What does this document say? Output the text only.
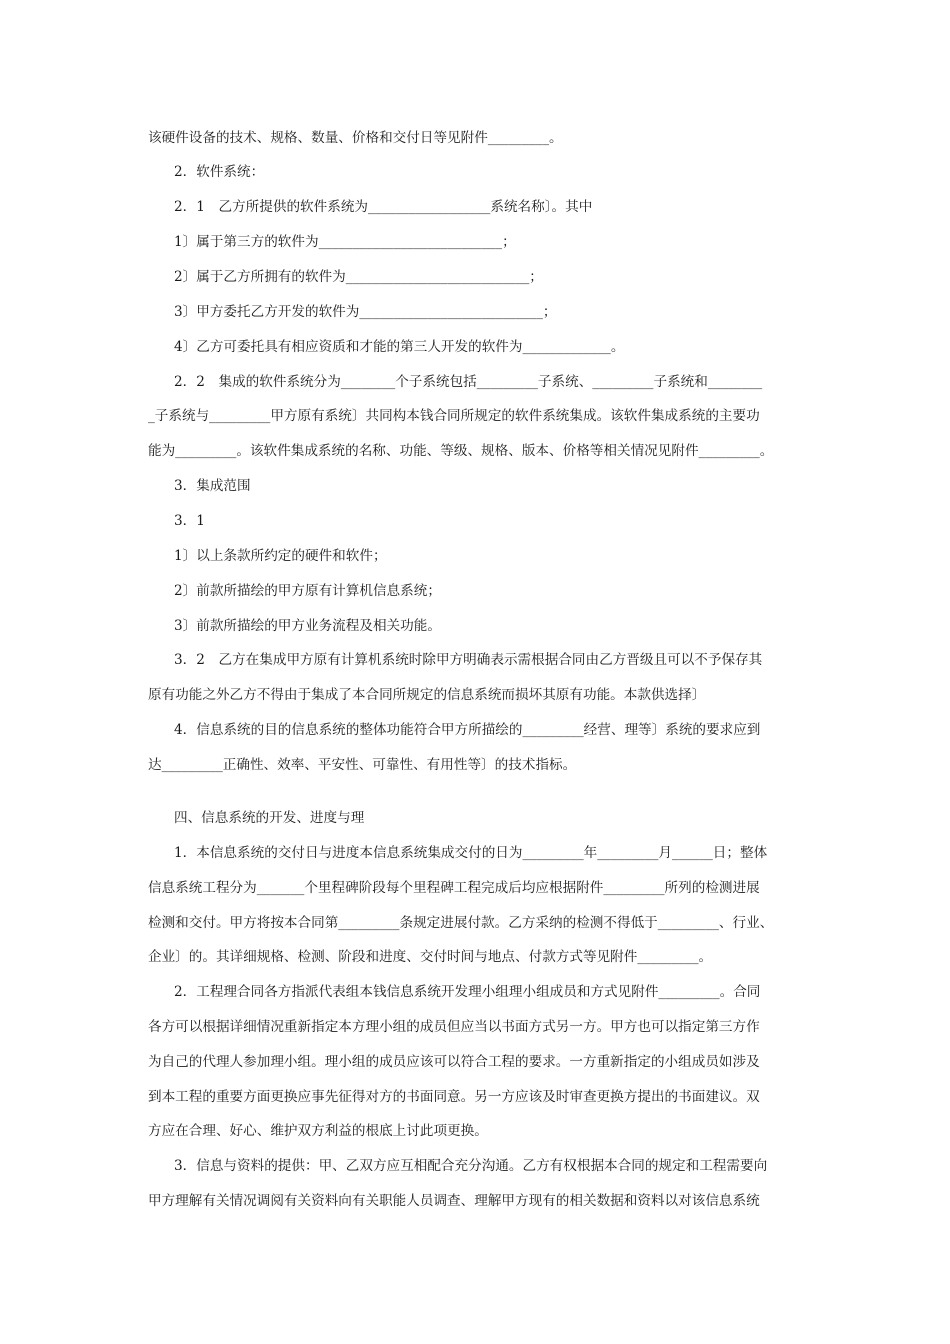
该硬件设备的技术、规格、数量、价格和交付日等见附件_________。
2．软件系统：
2．1　乙方所提供的软件系统为__________________系统名称〕。其中
1〕属于第三方的软件为___________________________；
2〕属于乙方所拥有的软件为___________________________；
3〕甲方委托乙方开发的软件为___________________________；
4〕乙方可委托具有相应资质和才能的第三人开发的软件为_____________。
2．2　集成的软件系统分为________个子系统包括_________子系统、_________子系统和________
_子系统与_________甲方原有系统〕共同构本钱合同所规定的软件系统集成。该软件集成系统的主要功
能为_________。该软件集成系统的名称、功能、等级、规格、版本、价格等相关情况见附件_________。
3．集成范围
3．1
1〕以上条款所约定的硬件和软件；
2〕前款所描绘的甲方原有计算机信息系统；
3〕前款所描绘的甲方业务流程及相关功能。
3．2　乙方在集成甲方原有计算机系统时除甲方明确表示需根据合同由乙方晋级且可以不予保存其
原有功能之外乙方不得由于集成了本合同所规定的信息系统而损坏其原有功能。本款供选择〕
4．信息系统的目的信息系统的整体功能符合甲方所描绘的_________经营、理等〕系统的要求应到
达_________正确性、效率、平安性、可靠性、有用性等〕的技术指标。
四、信息系统的开发、进度与理
1．本信息系统的交付日与进度本信息系统集成交付的日为_________年_________月______日；整体
信息系统工程分为_______个里程碑阶段每个里程碑工程完成后均应根据附件_________所列的检测进展
检测和交付。甲方将按本合同第_________条规定进展付款。乙方采纳的检测不得低于_________、行业、
企业〕的。其详细规格、检测、阶段和进度、交付时间与地点、付款方式等见附件_________。
2．工程理合同各方指派代表组本钱信息系统开发理小组理小组成员和方式见附件_________。合同
各方可以根据详细情况重新指定本方理小组的成员但应当以书面方式另一方。甲方也可以指定第三方作
为自己的代理人参加理小组。理小组的成员应该可以符合工程的要求。一方重新指定的小组成员如涉及
到本工程的重要方面更换应事先征得对方的书面同意。另一方应该及时审查更换方提出的书面建议。双
方应在合理、好心、维护双方利益的根底上讨此项更换。
3．信息与资料的提供：甲、乙双方应互相配合充分沟通。乙方有权根据本合同的规定和工程需要向
甲方理解有关情况调阅有关资料向有关职能人员调查、理解甲方现有的相关数据和资料以对该信息系统
